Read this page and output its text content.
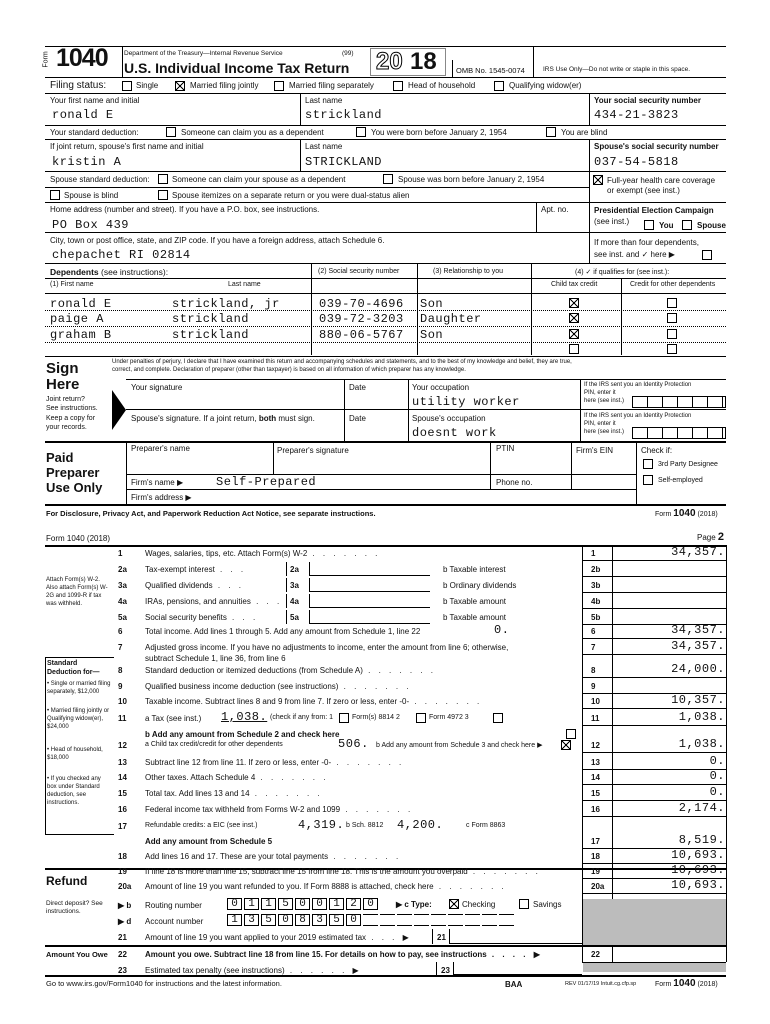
Form 1040	Department of the Treasury—Internal Revenue Service	(99)
U.S. Individual Income Tax Return 20 18	OMB No. 1545-0074	IRS Use Only—Do not write or staple in this space.
Filing status:	Single	Married filing jointly	Married filing separately	Head of household	Qualifying widow(er)
Your first name and initial
ronald E
Last name
strickland
Your social security number
434-21-3823
Your standard deduction:	Someone can claim you as a dependent	You were born before January 2, 1954	You are blind
If joint return, spouse's first name and initial
kristin A
Last name
STRICKLAND
Spouse's social security number
037-54-5818
Spouse standard deduction:	Someone can claim your spouse as a dependent	Spouse was born before January 2, 1954	Full-year health care coverage
or exempt (see inst.)
Spouse is blind	Spouse itemizes on a separate return or you were dual-status alien
Home address (number and street). If you have a P.O. box, see instructions.
PO Box 439
Apt. no.	Presidential Election Campaign
(see inst.)	You	Spouse
City, town or post office, state, and ZIP code. If you have a foreign address, attach Schedule 6.
chepachet RI 02814
If more than four dependents,
see inst. and ✓ here ▶
Dependents (see instructions):
(1) First name	Last name
(2) Social security number	(3) Relationship to you	(4) ✓ if qualifies for (see inst.):
Child tax credit	Credit for other dependents
ronald E	strickland, jr	039-70-4696 Son
paige A	strickland	039-72-3203 Daughter
graham B	strickland	880-06-5767 Son
Sign
Here
Joint return?
See instructions.
Keep a copy for
your records.
Under penalties of perjury, I declare that I have examined this return and accompanying schedules and statements, and to the best of my knowledge and belief, they are true,
correct, and complete. Declaration of preparer (other than taxpayer) is based on all information of which preparer has any knowledge.
Your signature	Date	Your occupation
utility worker
If the IRS sent you an Identity Protection
PIN, enter it
here (see inst.)
Spouse's signature. If a joint return, both must sign.	Date	Spouse's occupation
doesnt work
If the IRS sent you an Identity Protection
PIN, enter it
here (see inst.)
Paid
Preparer
Use Only
Preparer's name	Preparer's signature	PTIN	Firm's EIN	Check if:
3rd Party Designee
Self-employed
Firm's name ▶	Self-Prepared	Phone no.
Firm's address ▶
For Disclosure, Privacy Act, and Paperwork Reduction Act Notice, see separate instructions.	Form 1040 (2018)
Form 1040 (2018)	Page 2
Attach Form(s) W-2. Also attach Form(s) W-2G and 1099-R if tax was withheld.
Standard Deduction for—
• Single or married filing separately, $12,000
• Married filing jointly or Qualifying widow(er), $24,000
• Head of household, $18,000
• If you checked any box under Standard deduction, see instructions.
Refund
Direct deposit? See instructions.
Amount You Owe
1	Wages, salaries, tips, etc. Attach Form(s) W-2 . . . . . . .	1	34,357.
2a	Tax-exempt interest . . .	2a	b Taxable interest	2b
3a	Qualified dividends . . .	3a	b Ordinary dividends	3b
4a	IRAs, pensions, and annuities . . . 4a	b Taxable amount	4b
5a	Social security benefits . . .	5a	b Taxable amount	5b
6	Total income. Add lines 1 through 5. Add any amount from Schedule 1, line 22	0.	6	34,357.
7	Adjusted gross income. If you have no adjustments to income, enter the amount from line 6; otherwise,
subtract Schedule 1, line 36, from line 6
7	34,357.
8	Standard deduction or itemized deductions (from Schedule A) . . . . . . .	8	24,000.
9	Qualified business income deduction (see instructions) . . . . . . .	9
10	Taxable income. Subtract lines 8 and 9 from line 7. If zero or less, enter -0- . . . . . . .	10	10,357.
11	a Tax (see inst.) 1,038. (check if any from: 1	Form(s) 8814 2	Form 4972 3
b Add any amount from Schedule 2 and check here
11	1,038.
12	a Child tax credit/credit for other dependents	506. b Add any amount from Schedule 3 and check here ▶	12	1,038.
13	Subtract line 12 from line 11. If zero or less, enter -0- . . . . . . .	13	0.
14	Other taxes. Attach Schedule 4 . . . . . . .	14	0.
15	Total tax. Add lines 13 and 14 . . . . . . .	15	0.
16	Federal income tax withheld from Forms W-2 and 1099 . . . . . . .	16	2,174.
17	Refundable credits: a EIC (see inst.)	4,319. b Sch. 8812 4,200.	c Form 8863
Add any amount from Schedule 5	17	8,519.
18	Add lines 16 and 17. These are your total payments . . . . . . .	18	10,693.
19	If line 18 is more than line 15, subtract line 15 from line 18. This is the amount you overpaid . . . . . . .	19	10,693.
20a	Amount of line 19 you want refunded to you. If Form 8888 is attached, check here . . . . . . .	20a	10,693.
▶ b Routing number	0 1 1 5 0 0 1 2 0	▶ c Type:	Checking	Savings
▶ d Account number	1 3 5 0 8 3 5 0
21	Amount of line 19 you want applied to your 2019 estimated tax . . . ▶	21
22	Amount you owe. Subtract line 18 from line 15. For details on how to pay, see instructions . . . . ▶	22
23	Estimated tax penalty (see instructions) . . . . . . ▶	23
Go to www.irs.gov/Form1040 for instructions and the latest information.	BAA	REV 01/17/19 Intuit.cg.cfp.sp	Form 1040 (2018)
